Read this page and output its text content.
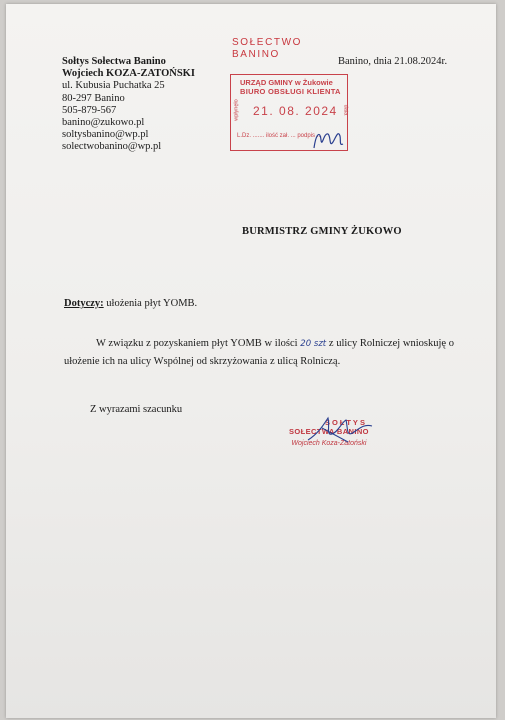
Sołtys Sołectwa Banino
Wojciech KOZA-ZATOŃSKI
ul. Kubusia Puchatka 25
80-297 Banino
505-879-567
banino@zukowo.pl
soltysbanino@wp.pl
solectwobanino@wp.pl
SOŁECTWO
BANINO
Banino, dnia 21.08.2024r.
URZĄD GMINY w Żukowie
BIURO OBSŁUGI KLIENTA
wpłynęło 21. 08. 2024 data
L.Dz. ....... ilość zał. ... podpis ...
BURMISTRZ GMINY ŻUKOWO
Dotyczy: ułożenia płyt YOMB.
W związku z pozyskaniem płyt YOMB w ilości 20 szt z ulicy Rolniczej wnioskuję o ułożenie ich na ulicy Wspólnej od skrzyżowania z ulicą Rolniczą.
Z wyrazami szacunku
SOŁTYS
SOŁECTWA BANINO
Wojciech Koza-Zatoński
